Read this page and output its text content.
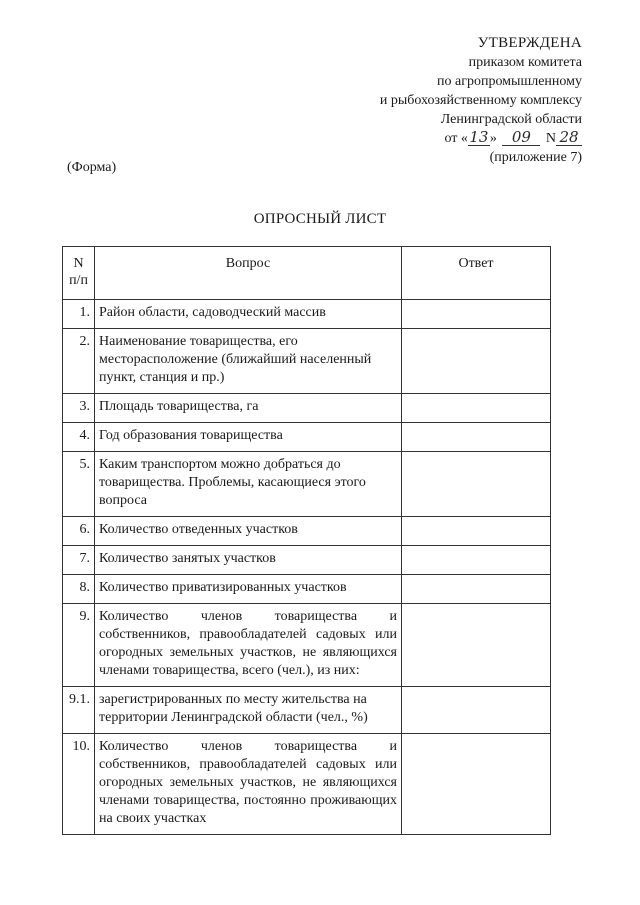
УТВЕРЖДЕНА
приказом комитета
по агропромышленному
и рыбохозяйственному комплексу
Ленинградской области
от «13» 09 N 28
(приложение 7)
(Форма)
ОПРОСНЫЙ ЛИСТ
N п/п	Вопрос	Ответ
1.	Район области, садоводческий массив	
2.	Наименование товарищества, его месторасположение (ближайший населенный пункт, станция и пр.)	
3.	Площадь товарищества, га	
4.	Год образования товарищества	
5.	Каким транспортом можно добраться до товарищества. Проблемы, касающиеся этого вопроса	
6.	Количество отведенных участков	
7.	Количество занятых участков	
8.	Количество приватизированных участков	
9.	Количество членов товарищества и собственников, правообладателей садовых или огородных земельных участков, не являющихся членами товарищества, всего (чел.), из них:	
9.1.	зарегистрированных по месту жительства на территории Ленинградской области (чел., %)	
10.	Количество членов товарищества и собственников, правообладателей садовых или огородных земельных участков, не являющихся членами товарищества, постоянно проживающих на своих участках	
